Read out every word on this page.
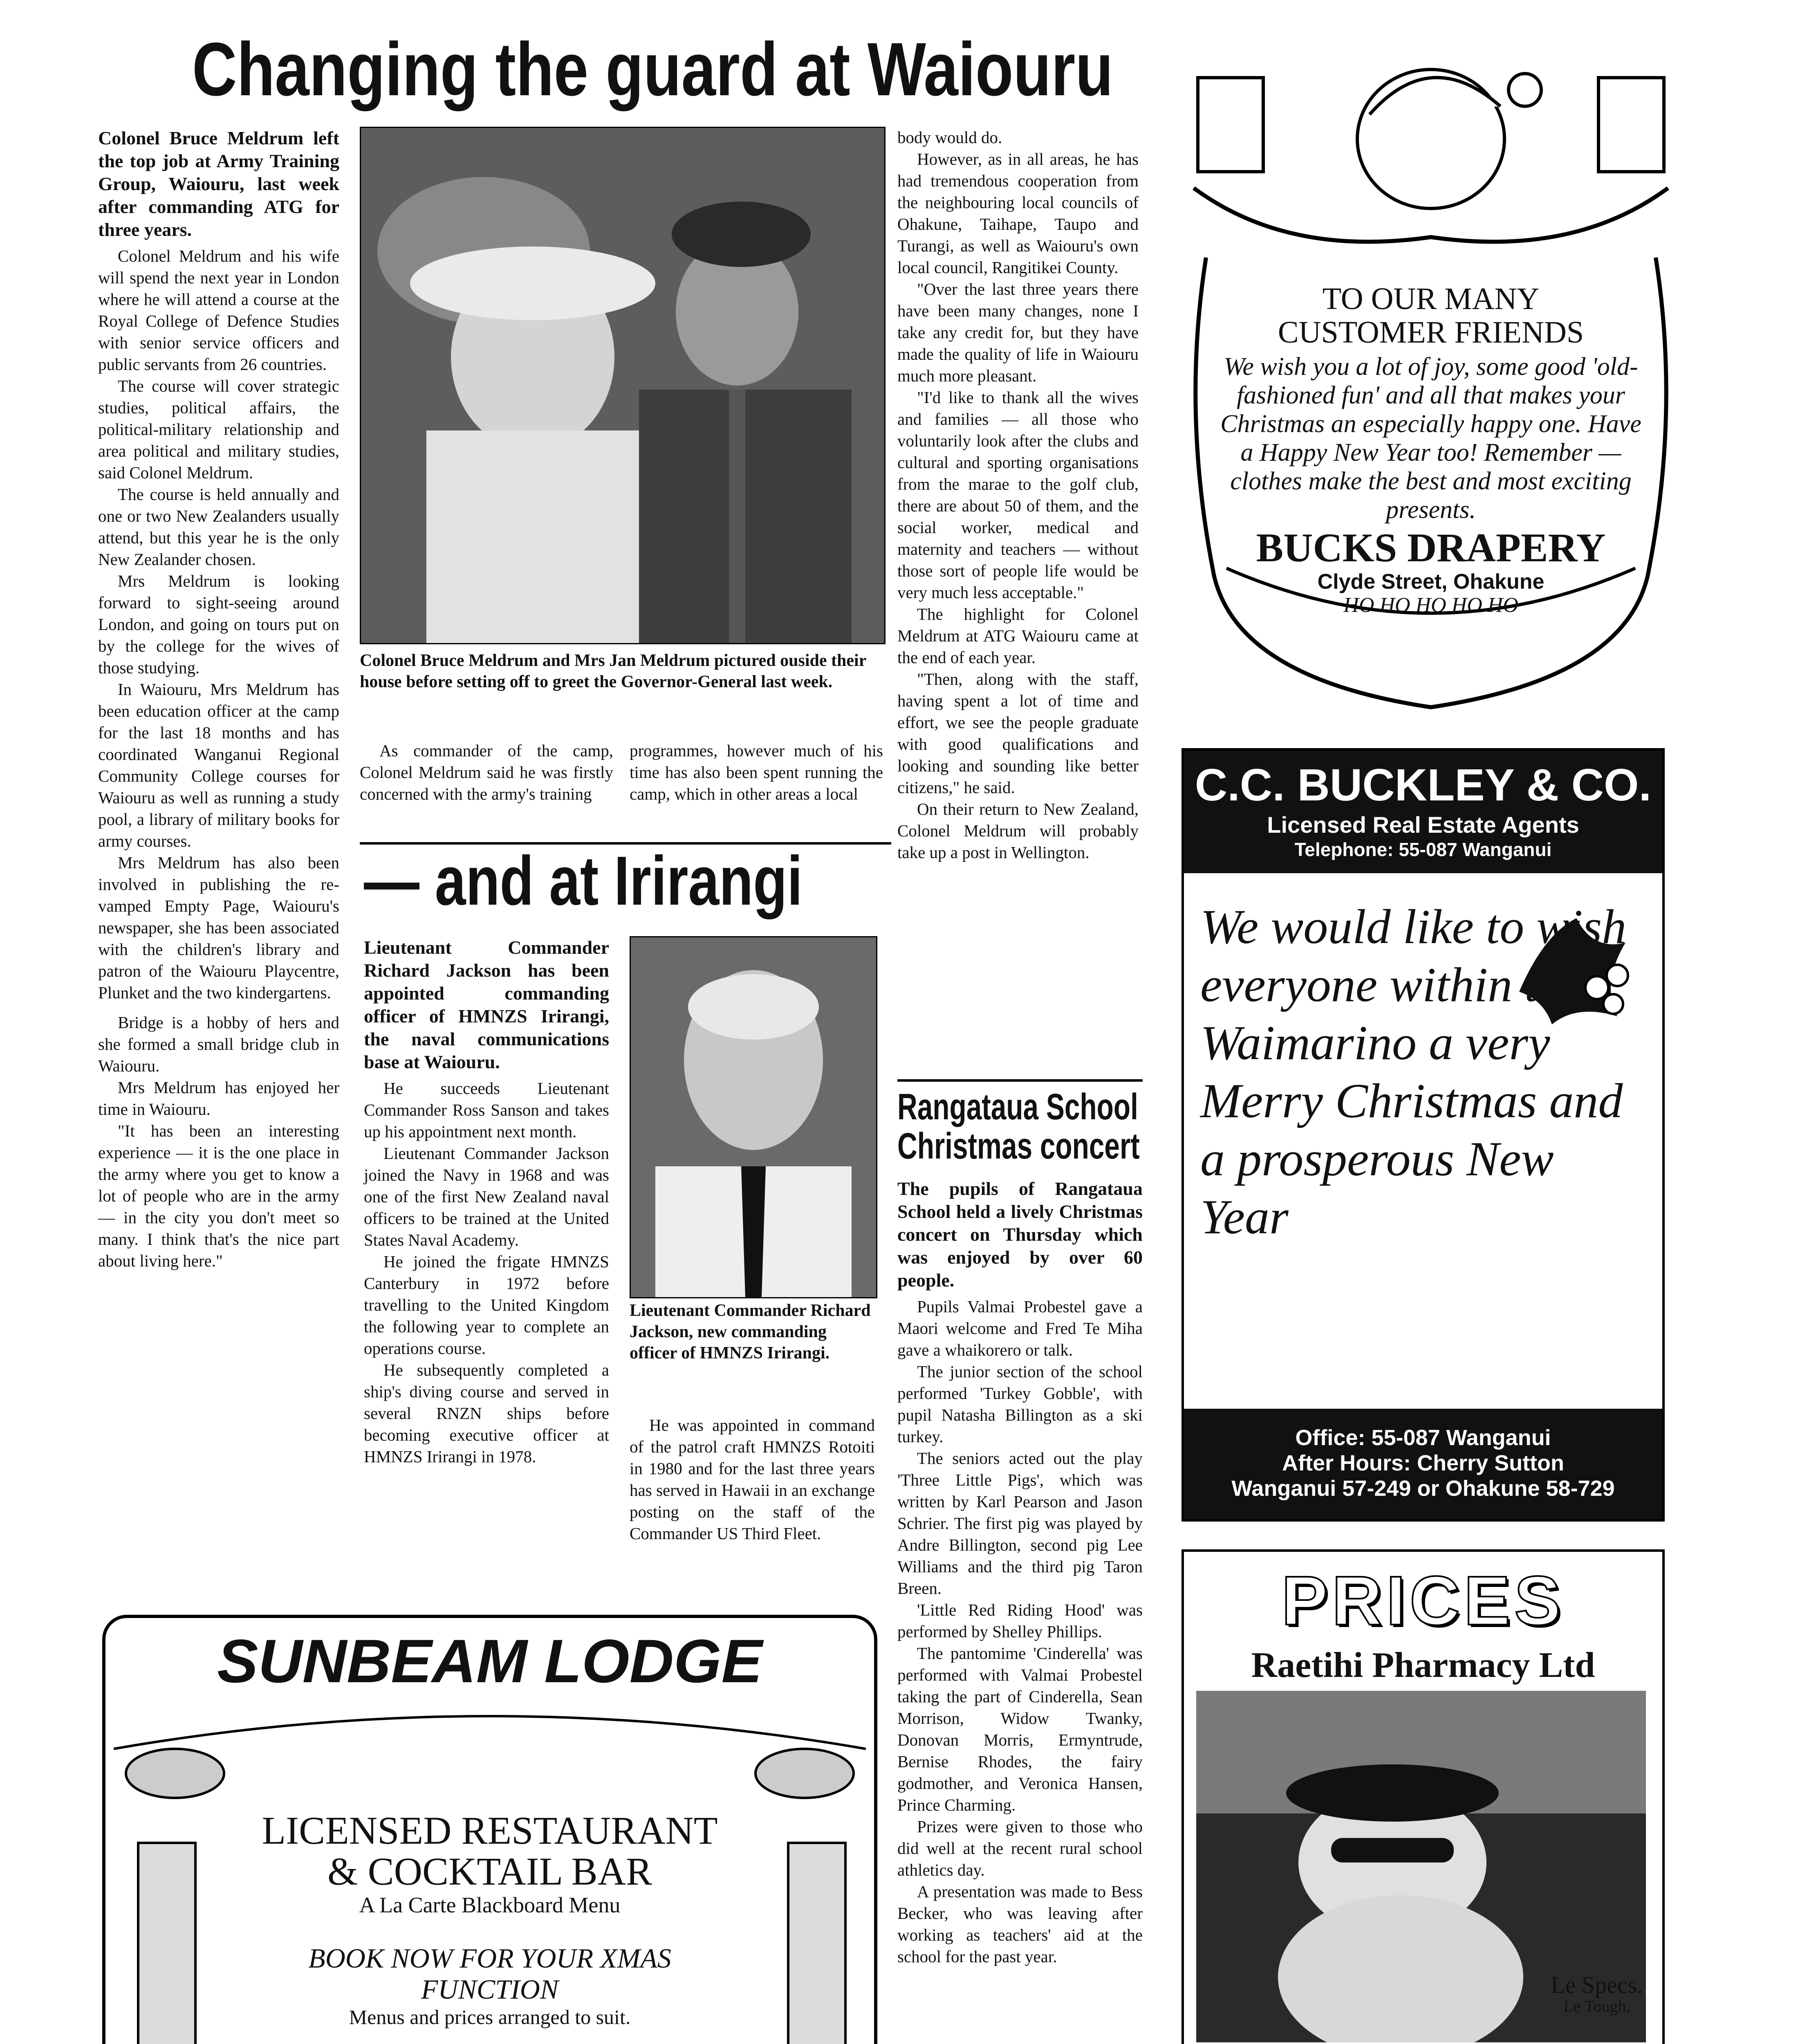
Changing the guard at Waiouru

Colonel Bruce Meldrum left the top job at Army Training Group, Waiouru, last week after commanding ATG for three years.

Colonel Meldrum and his wife will spend the next year in London where he will attend a course at the Royal College of Defence Studies with senior service officers and public servants from 26 countries.

The course will cover strategic studies, political affairs, the political-military relationship and area political and military studies, said Colonel Meldrum.

The course is held annually and one or two New Zealanders usually attend, but this year he is the only New Zealander chosen.

Mrs Meldrum is looking forward to sight-seeing around London, and going on tours put on by the college for the wives of those studying.

In Waiouru, Mrs Meldrum has been education officer at the camp for the last 18 months and has coordinated Wanganui Regional Community College courses for Waiouru as well as running a study pool, a library of military books for army courses.

Mrs Meldrum has also been involved in publishing the re-vamped Empty Page, Waiouru's newspaper, she has been associated with the children's library and patron of the Waiouru Playcentre, Plunket and the two kindergartens.

Bridge is a hobby of hers and she formed a small bridge club in Waiouru.

Mrs Meldrum has enjoyed her time in Waiouru.

"It has been an interesting experience — it is the one place in the army where you get to know a lot of people who are in the army — in the city you don't meet so many. I think that's the nice part about living here."

Colonel Bruce Meldrum and Mrs Jan Meldrum pictured ouside their house before setting off to greet the Governor-General last week.

As commander of the camp, Colonel Meldrum said he was firstly concerned with the army's training

programmes, however much of his time has also been spent running the camp, which in other areas a local

body would do.

However, as in all areas, he has had tremendous cooperation from the neighbouring local councils of Ohakune, Taihape, Taupo and Turangi, as well as Waiouru's own local council, Rangitikei County.

"Over the last three years there have been many changes, none I take any credit for, but they have made the quality of life in Waiouru much more pleasant.

"I'd like to thank all the wives and families — all those who voluntarily look after the clubs and cultural and sporting organisations from the marae to the golf club, there are about 50 of them, and the social worker, medical and maternity and teachers — without those sort of people life would be very much less acceptable."

The highlight for Colonel Meldrum at ATG Waiouru came at the end of each year.

"Then, along with the staff, having spent a lot of time and effort, we see the people graduate with good qualifications and looking and sounding like better citizens," he said.

On their return to New Zealand, Colonel Meldrum will probably take up a post in Wellington.

— and at Irirangi

Lieutenant Commander Richard Jackson has been appointed commanding officer of HMNZS Irirangi, the naval communications base at Waiouru.

He succeeds Lieutenant Commander Ross Sanson and takes up his appointment next month.

Lieutenant Commander Jackson joined the Navy in 1968 and was one of the first New Zealand naval officers to be trained at the United States Naval Academy.

He joined the frigate HMNZS Canterbury in 1972 before travelling to the United Kingdom the following year to complete an operations course.

He subsequently completed a ship's diving course and served in several RNZN ships before becoming executive officer at HMNZS Irirangi in 1978.

Lieutenant Commander Richard Jackson, new commanding officer of HMNZS Irirangi.

He was appointed in command of the patrol craft HMNZS Rotoiti in 1980 and for the last three years has served in Hawaii in an exchange posting on the staff of the Commander US Third Fleet.

Rangataua School
Christmas concert

The pupils of Rangataua School held a lively Christmas concert on Thursday which was enjoyed by over 60 people.

Pupils Valmai Probestel gave a Maori welcome and Fred Te Miha gave a whaikorero or talk.

The junior section of the school performed 'Turkey Gobble', with pupil Natasha Billington as a ski turkey.

The seniors acted out the play 'Three Little Pigs', which was written by Karl Pearson and Jason Schrier. The first pig was played by Andre Billington, second pig Lee Williams and the third pig Taron Breen.

'Little Red Riding Hood' was performed by Shelley Phillips.

The pantomime 'Cinderella' was performed with Valmai Probestel taking the part of Cinderella, Sean Morrison, Widow Twanky, Donovan Morris, Ermyntrude, Bernise Rhodes, the fairy godmother, and Veronica Hansen, Prince Charming.

Prizes were given to those who did well at the recent rural school athletics day.

A presentation was made to Bess Becker, who was leaving after working as teachers' aid at the school for the past year.

TO OUR MANY
CUSTOMER FRIENDS
We wish you a lot of joy, some good 'old-fashioned fun' and all that makes your Christmas an especially happy one. Have a Happy New Year too! Remember — clothes make the best and most exciting presents.
BUCKS DRAPERY
Clyde Street, Ohakune
HO HO HO HO HO
C.C. BUCKLEY & CO.
Licensed Real Estate Agents
Telephone: 55-087 Wanganui
We would like to wish everyone within the Waimarino a very Merry Christmas and a prosperous New Year
Office: 55-087 Wanganui
After Hours: Cherry Sutton
Wanganui 57-249 or Ohakune 58-729
PRICES
Raetihi Pharmacy Ltd
Le Specs.
Le Tough.
SUNBEAM LODGE
LICENSED RESTAURANT
& COCKTAIL BAR
A La Carte Blackboard Menu
BOOK NOW FOR YOUR XMAS
FUNCTION
Menus and prices arranged to suit.
